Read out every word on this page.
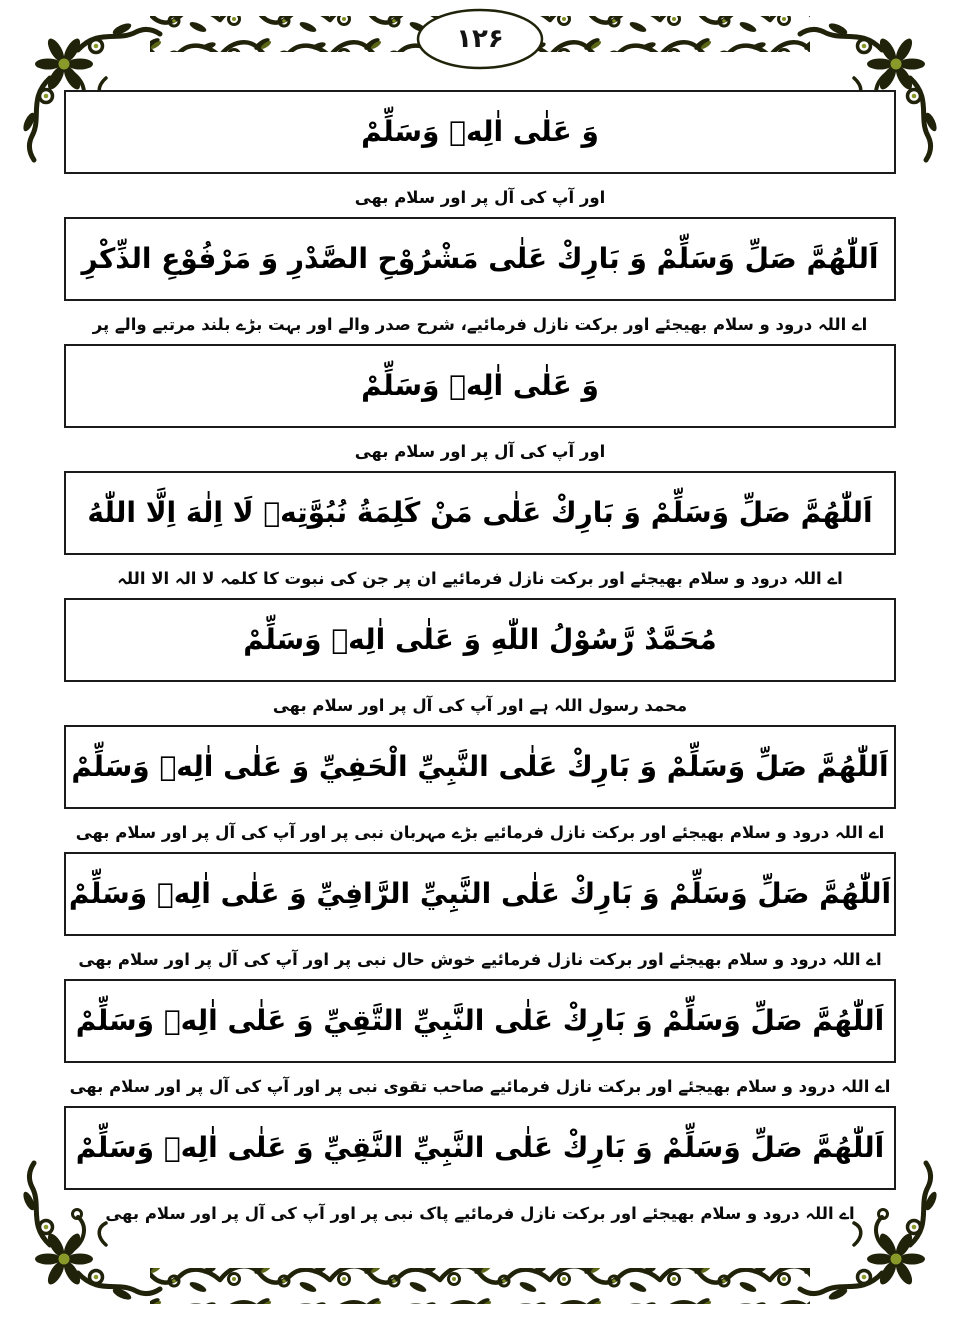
۱۲۶
وَ عَلٰی اٰلِهٖ وَسَلِّمْ
اور آپ کی آل پر اور سلام بھی
اَللّٰهُمَّ صَلِّ وَسَلِّمْ وَ بَارِكْ عَلٰی مَشْرُوْحِ الصَّدْرِ وَ مَرْفُوْعِ الذِّكْرِ
اے اللہ درود و سلام بھیجئے اور برکت نازل فرمائیے، شرح صدر والے اور بہت بڑے بلند مرتبے والے پر
وَ عَلٰی اٰلِهٖ وَسَلِّمْ
اور آپ کی آل پر اور سلام بھی
اَللّٰهُمَّ صَلِّ وَسَلِّمْ وَ بَارِكْ عَلٰی مَنْ كَلِمَةُ نُبُوَّتِهٖ لَا اِلٰهَ اِلَّا اللّٰهُ
اے اللہ درود و سلام بھیجئے اور برکت نازل فرمائیے ان پر جن کی نبوت کا کلمہ لا الہ الا اللہ
مُحَمَّدٌ رَّسُوْلُ اللّٰهِ وَ عَلٰی اٰلِهٖ وَسَلِّمْ
محمد رسول اللہ ہے اور آپ کی آل پر اور سلام بھی
اَللّٰهُمَّ صَلِّ وَسَلِّمْ وَ بَارِكْ عَلٰی النَّبِيِّ الْحَفِيِّ وَ عَلٰی اٰلِهٖ وَسَلِّمْ
اے اللہ درود و سلام بھیجئے اور برکت نازل فرمائیے بڑے مہربان نبی پر اور آپ کی آل پر اور سلام بھی
اَللّٰهُمَّ صَلِّ وَسَلِّمْ وَ بَارِكْ عَلٰی النَّبِيِّ الرَّافِيِّ وَ عَلٰی اٰلِهٖ وَسَلِّمْ
اے اللہ درود و سلام بھیجئے اور برکت نازل فرمائیے خوش حال نبی پر اور آپ کی آل پر اور سلام بھی
اَللّٰهُمَّ صَلِّ وَسَلِّمْ وَ بَارِكْ عَلٰی النَّبِيِّ التَّقِيِّ وَ عَلٰی اٰلِهٖ وَسَلِّمْ
اے اللہ درود و سلام بھیجئے اور برکت نازل فرمائیے صاحب تقوی نبی پر اور آپ کی آل پر اور سلام بھی
اَللّٰهُمَّ صَلِّ وَسَلِّمْ وَ بَارِكْ عَلٰی النَّبِيِّ النَّقِيِّ وَ عَلٰی اٰلِهٖ وَسَلِّمْ
اے اللہ درود و سلام بھیجئے اور برکت نازل فرمائیے پاک نبی پر اور آپ کی آل پر اور سلام بھی
